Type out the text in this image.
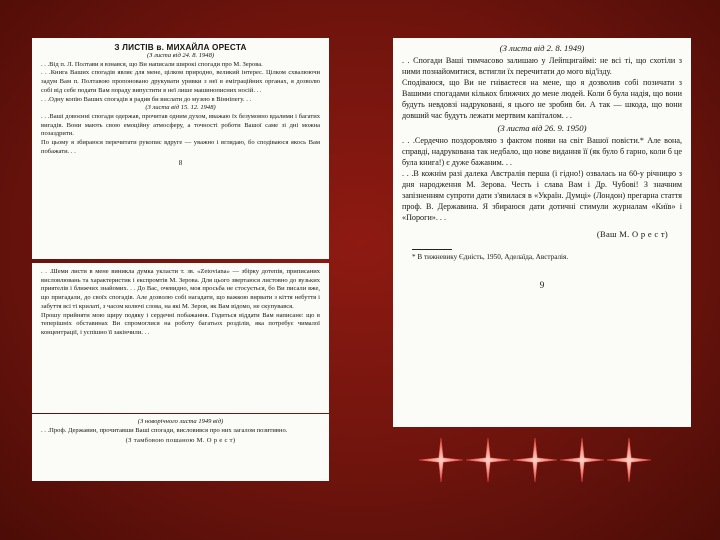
З ЛИСТІВ в. МИХАЙЛА ОРЕСТА

(З листа від 24. 8. 1948)

. . .Від п. Л. Полтави я взнався, що Ви написали широкі спогади про М. Зерова.

. . .Книга Ваших спогадів являє для мене, цілком природно, великий інтерес. Цілком схвалюючи задум Вам п. Полтавою пропоновано друкувати уривки з неї в еміграційних органах, я дозволю собі від себе подати Вам пораду випустити в неї лише машинописних носій. . .

. . .Одну копію Ваших спогадів я радив би вислати до музею в Вінніпегу. . .

(З листа від 15. 12. 1948)

. . .Ваші довоєнні спогади одержав, прочитав одним духом, вважаю їх безумовно вдалими і багатих вигадів. Вони мають свою емоційну атмосферу, а точності роботи Вашої саме зі дні можна позаздрити.

По цьому я збираюся перечитати рукопис вдруге — уважно і вглядаю, бо сподіваюся якось Вам побажати. . .

8

. . .Шеми листи в мене виникла думка укласти т. зв. «Zetoviana» — збірку дотепів, приписаних висловлювань та характеристик і експромтів М. Зерова. Для цього звертаюся листовно до вузьких приятелів і ближчих знайомих. . . До Вас, очевидно, моя просьба не стосується, бо Ви писали вже, що пригадали, до своїх спогадів. Але дозволю собі нагадати, що важкою вирвати з кіття небуття і забуття всі ті крилаті, з часом колючі слова, на які М. Зеров, як Вам відомо, не скупувався.

Прошу прийняти мою щиру подяку і сердечні побажання. Годиться віддати Вам написане: що в теперішніх обставинах Ви спромоглися на роботу багатьох розділів, яка потребує чималої концентрації, і успішно її закінчили. . .

(З новорічного листа 1949 від)

. . .Проф. Державин, прочитавши Ваші спогади, висловився про них загалом позитивно.

(З тамбовою пошаною М. О р е с т)

(З листа від 2. 8. 1949)

. . Спогади Ваші тимчасово залишаю у Лейпцигаймі: не всі ті, що схотіли з ними познайомитися, встигли їх перечитати до мого від'їзду.

Сподіваюся, що Ви не гніваєтеся на мене, що я дозволив собі позичати з Вашими спогадами кількох ближчих до мене людей. Коли б була надія, що вони будуть невдовзі надруковані, я цього не зробив би. А так — шкода, що вони довший час будуть лежати мертвим капіталом. . .

(З листа від 26. 9. 1950)

. . .Сердечно поздоровляю з фактом появи на світ Вашої повісти.* Але вона, справді, надрукована так недбало, що нове видання її (як було б гарно, коли б це була книга!) є дуже бажаним. . .

. . .В кожнім разі далека Австралія перша (і гідно!) озвалась на 60-у річницю з дня народження М. Зерова. Честь і слава Вам і Др. Чубові! З значним запізненням супроти дати з'явилася в «Україн. Думці» (Лондон) прегарна стаття проф. В. Державина. Я збираюся дати дотичні стимули журналам «Київ» і «Пороги». . .

(Ваш М. О р е с т)

* В тижневику Єдність, 1950, Аделаїда, Австралія.

9
